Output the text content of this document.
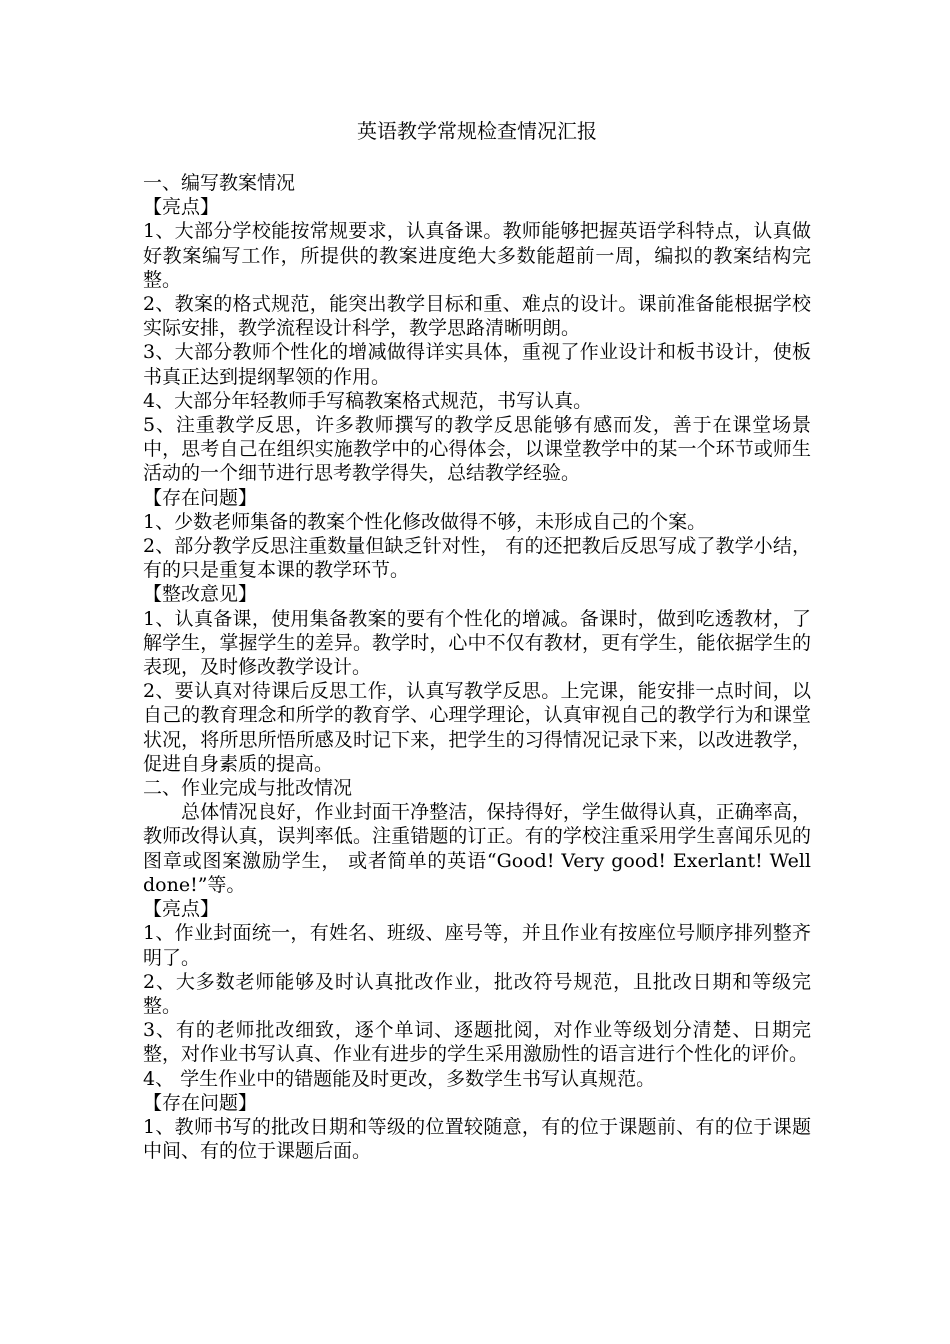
英语教学常规检查情况汇报

一、编写教案情况

【亮点】

1、大部分学校能按常规要求，认真备课。教师能够把握英语学科特点，认真做好教案编写工作，所提供的教案进度绝大多数能超前一周，编拟的教案结构完整。

2、教案的格式规范，能突出教学目标和重、难点的设计。课前准备能根据学校实际安排，教学流程设计科学，教学思路清晰明朗。

3、大部分教师个性化的增减做得详实具体，重视了作业设计和板书设计，使板书真正达到提纲挈领的作用。

4、大部分年轻教师手写稿教案格式规范，书写认真。

5、注重教学反思，许多教师撰写的教学反思能够有感而发，善于在课堂场景中，思考自己在组织实施教学中的心得体会，以课堂教学中的某一个环节或师生活动的一个细节进行思考教学得失，总结教学经验。

【存在问题】

1、少数老师集备的教案个性化修改做得不够，未形成自己的个案。

2、部分教学反思注重数量但缺乏针对性， 有的还把教后反思写成了教学小结，有的只是重复本课的教学环节。

【整改意见】

1、认真备课，使用集备教案的要有个性化的增减。备课时，做到吃透教材，了解学生，掌握学生的差异。教学时，心中不仅有教材，更有学生，能依据学生的表现，及时修改教学设计。

2、要认真对待课后反思工作，认真写教学反思。上完课，能安排一点时间，以自己的教育理念和所学的教育学、心理学理论，认真审视自己的教学行为和课堂状况，将所思所悟所感及时记下来，把学生的习得情况记录下来，以改进教学，促进自身素质的提高。

二、作业完成与批改情况

总体情况良好，作业封面干净整洁，保持得好，学生做得认真，正确率高，教师改得认真，误判率低。注重错题的订正。有的学校注重采用学生喜闻乐见的图章或图案激励学生， 或者简单的英语“Good! Very good! Exerlant! Well done!”等。

【亮点】

1、作业封面统一，有姓名、班级、座号等，并且作业有按座位号顺序排列整齐明了。

2、大多数老师能够及时认真批改作业，批改符号规范，且批改日期和等级完整。

3、有的老师批改细致，逐个单词、逐题批阅，对作业等级划分清楚、日期完整，对作业书写认真、作业有进步的学生采用激励性的语言进行个性化的评价。

4、 学生作业中的错题能及时更改，多数学生书写认真规范。

【存在问题】

1、教师书写的批改日期和等级的位置较随意，有的位于课题前、有的位于课题中间、有的位于课题后面。
